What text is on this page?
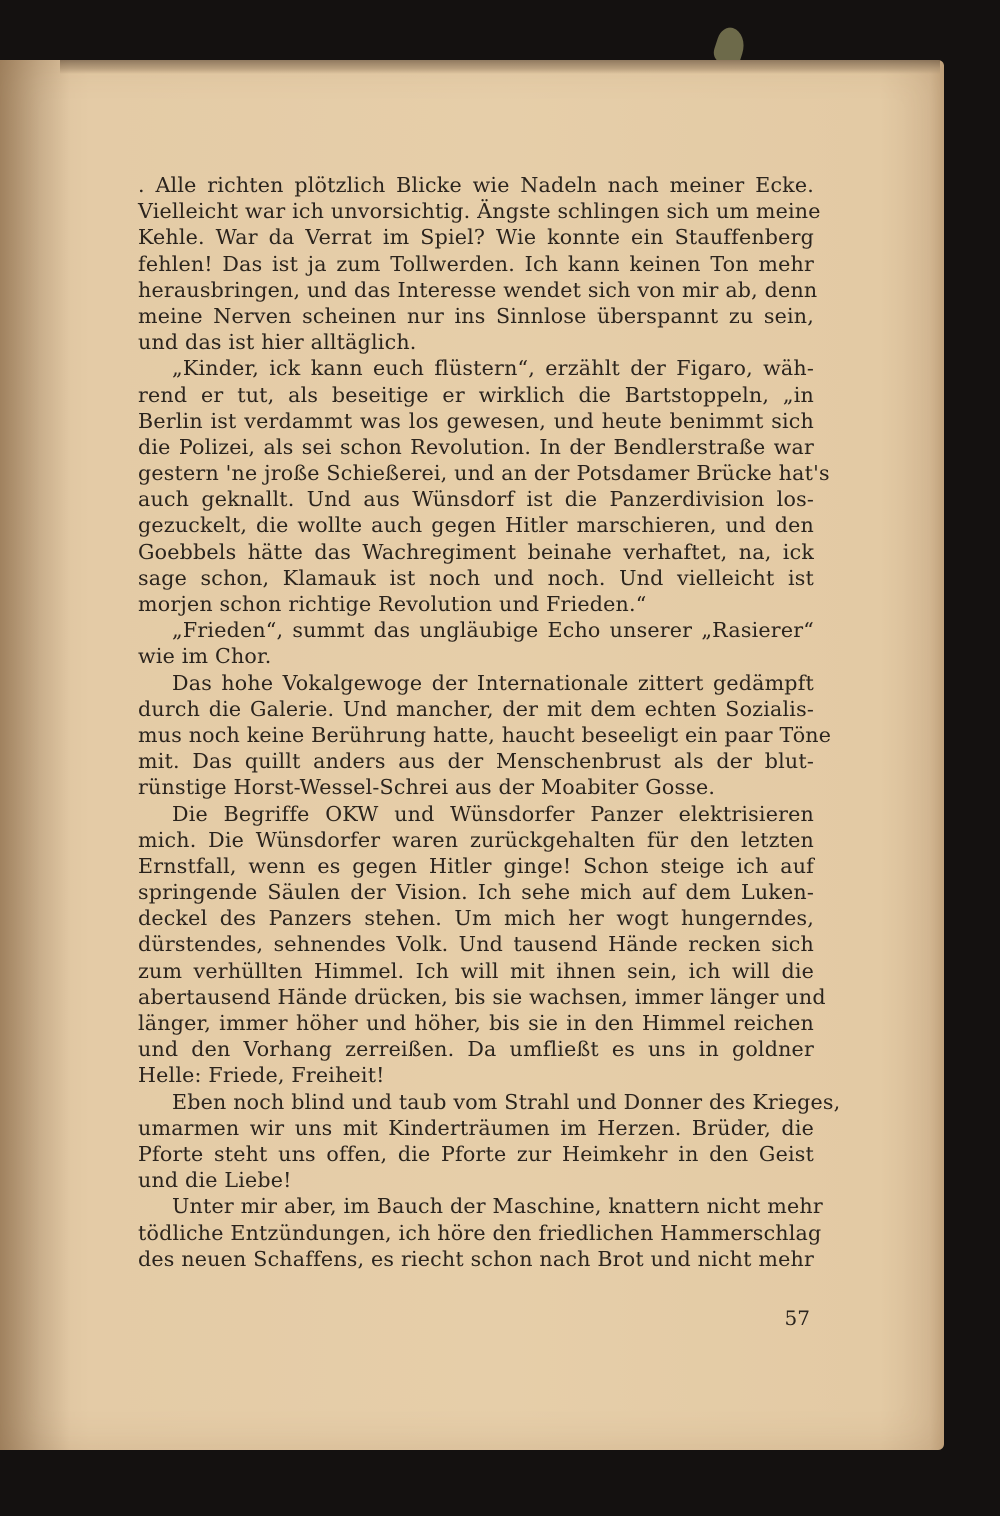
. Alle richten plötzlich Blicke wie Nadeln nach meiner Ecke.

Vielleicht war ich unvorsichtig. Ängste schlingen sich um meine

Kehle. War da Verrat im Spiel? Wie konnte ein Stauffenberg

fehlen! Das ist ja zum Tollwerden. Ich kann keinen Ton mehr

herausbringen, und das Interesse wendet sich von mir ab, denn

meine Nerven scheinen nur ins Sinnlose überspannt zu sein,

und das ist hier alltäglich.

„Kinder, ick kann euch flüstern“, erzählt der Figaro, wäh-

rend er tut, als beseitige er wirklich die Bartstoppeln, „in

Berlin ist verdammt was los gewesen, und heute benimmt sich

die Polizei, als sei schon Revolution. In der Bendlerstraße war

gestern 'ne jroße Schießerei, und an der Potsdamer Brücke hat's

auch geknallt. Und aus Wünsdorf ist die Panzerdivision los-

gezuckelt, die wollte auch gegen Hitler marschieren, und den

Goebbels hätte das Wachregiment beinahe verhaftet, na, ick

sage schon, Klamauk ist noch und noch. Und vielleicht ist

morjen schon richtige Revolution und Frieden.“

„Frieden“, summt das ungläubige Echo unserer „Rasierer“

wie im Chor.

Das hohe Vokalgewoge der Internationale zittert gedämpft

durch die Galerie. Und mancher, der mit dem echten Sozialis-

mus noch keine Berührung hatte, haucht beseeligt ein paar Töne

mit. Das quillt anders aus der Menschenbrust als der blut-

rünstige Horst-Wessel-Schrei aus der Moabiter Gosse.

Die Begriffe OKW und Wünsdorfer Panzer elektrisieren

mich. Die Wünsdorfer waren zurückgehalten für den letzten

Ernstfall, wenn es gegen Hitler ginge! Schon steige ich auf

springende Säulen der Vision. Ich sehe mich auf dem Luken-

deckel des Panzers stehen. Um mich her wogt hungerndes,

dürstendes, sehnendes Volk. Und tausend Hände recken sich

zum verhüllten Himmel. Ich will mit ihnen sein, ich will die

abertausend Hände drücken, bis sie wachsen, immer länger und

länger, immer höher und höher, bis sie in den Himmel reichen

und den Vorhang zerreißen. Da umfließt es uns in goldner

Helle: Friede, Freiheit!

Eben noch blind und taub vom Strahl und Donner des Krieges,

umarmen wir uns mit Kinderträumen im Herzen. Brüder, die

Pforte steht uns offen, die Pforte zur Heimkehr in den Geist

und die Liebe!

Unter mir aber, im Bauch der Maschine, knattern nicht mehr

tödliche Entzündungen, ich höre den friedlichen Hammerschlag

des neuen Schaffens, es riecht schon nach Brot und nicht mehr

57
